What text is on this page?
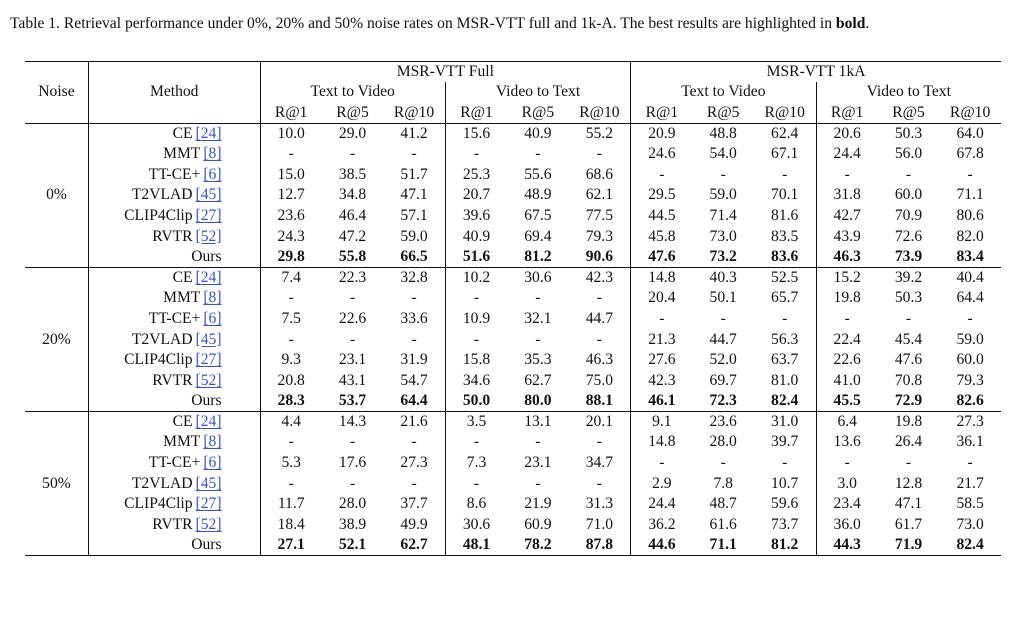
Table 1. Retrieval performance under 0%, 20% and 50% noise rates on MSR-VTT full and 1k-A. The best results are highlighted in bold.
Noise	Method	MSR-VTT Full						MSR-VTT 1kA					
		Text to Video			Video to Text			Text to Video			Video to Text		
		R@1	R@5	R@10	R@1	R@5	R@10	R@1	R@5	R@10	R@1	R@5	R@10
0%	CE [24]	10.0	29.0	41.2	15.6	40.9	55.2	20.9	48.8	62.4	20.6	50.3	64.0
	MMT [8]	-	-	-	-	-	-	24.6	54.0	67.1	24.4	56.0	67.8
	TT-CE+ [6]	15.0	38.5	51.7	25.3	55.6	68.6	-	-	-	-	-	-
	T2VLAD [45]	12.7	34.8	47.1	20.7	48.9	62.1	29.5	59.0	70.1	31.8	60.0	71.1
	CLIP4Clip [27]	23.6	46.4	57.1	39.6	67.5	77.5	44.5	71.4	81.6	42.7	70.9	80.6
	RVTR [52]	24.3	47.2	59.0	40.9	69.4	79.3	45.8	73.0	83.5	43.9	72.6	82.0
	Ours	29.8	55.8	66.5	51.6	81.2	90.6	47.6	73.2	83.6	46.3	73.9	83.4
20%	CE [24]	7.4	22.3	32.8	10.2	30.6	42.3	14.8	40.3	52.5	15.2	39.2	40.4
	MMT [8]	-	-	-	-	-	-	20.4	50.1	65.7	19.8	50.3	64.4
	TT-CE+ [6]	7.5	22.6	33.6	10.9	32.1	44.7	-	-	-	-	-	-
	T2VLAD [45]	-	-	-	-	-	-	21.3	44.7	56.3	22.4	45.4	59.0
	CLIP4Clip [27]	9.3	23.1	31.9	15.8	35.3	46.3	27.6	52.0	63.7	22.6	47.6	60.0
	RVTR [52]	20.8	43.1	54.7	34.6	62.7	75.0	42.3	69.7	81.0	41.0	70.8	79.3
	Ours	28.3	53.7	64.4	50.0	80.0	88.1	46.1	72.3	82.4	45.5	72.9	82.6
50%	CE [24]	4.4	14.3	21.6	3.5	13.1	20.1	9.1	23.6	31.0	6.4	19.8	27.3
	MMT [8]	-	-	-	-	-	-	14.8	28.0	39.7	13.6	26.4	36.1
	TT-CE+ [6]	5.3	17.6	27.3	7.3	23.1	34.7	-	-	-	-	-	-
	T2VLAD [45]	-	-	-	-	-	-	2.9	7.8	10.7	3.0	12.8	21.7
	CLIP4Clip [27]	11.7	28.0	37.7	8.6	21.9	31.3	24.4	48.7	59.6	23.4	47.1	58.5
	RVTR [52]	18.4	38.9	49.9	30.6	60.9	71.0	36.2	61.6	73.7	36.0	61.7	73.0
	Ours	27.1	52.1	62.7	48.1	78.2	87.8	44.6	71.1	81.2	44.3	71.9	82.4
